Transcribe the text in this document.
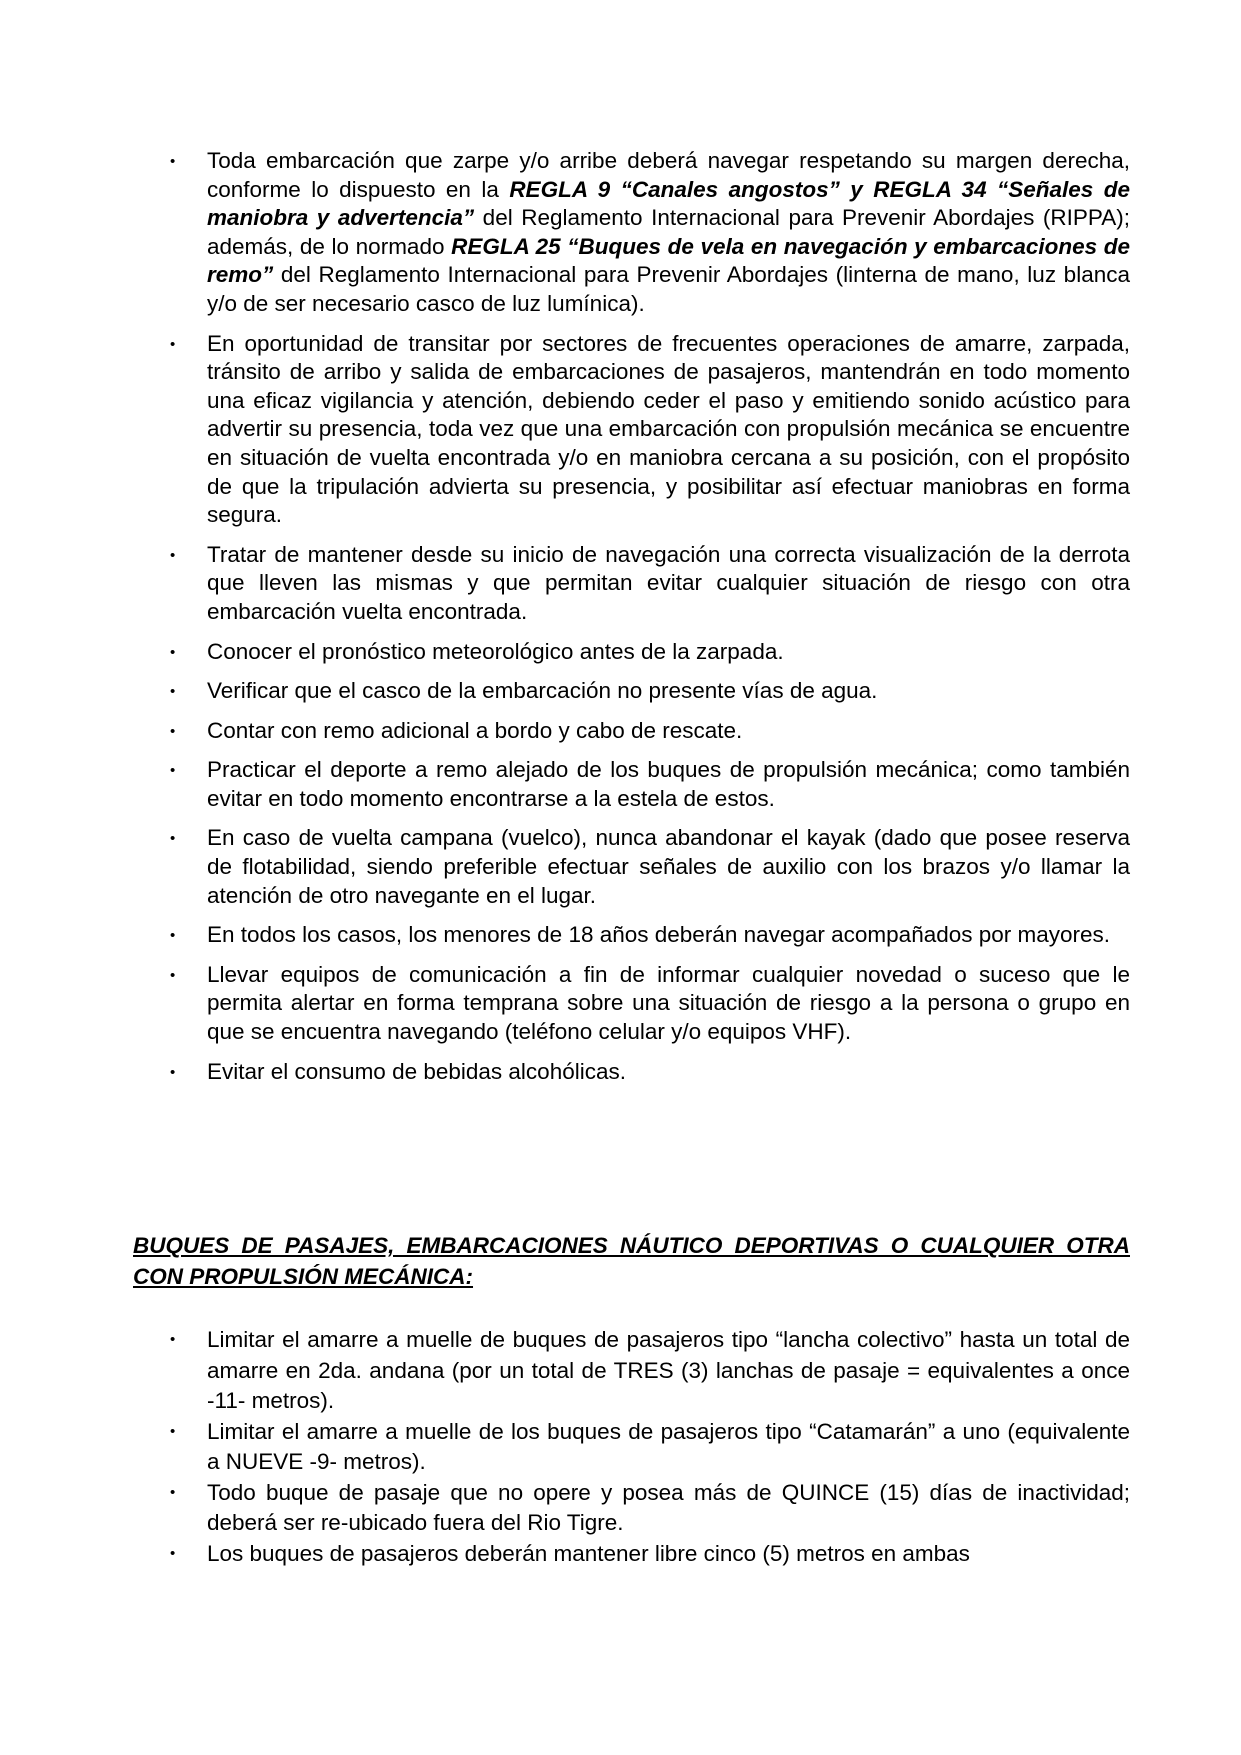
• Toda embarcación que zarpe y/o arribe deberá navegar respetando su margen derecha, conforme lo dispuesto en la REGLA 9 “Canales angostos” y REGLA 34 “Señales de maniobra y advertencia” del Reglamento Internacional para Prevenir Abordajes (RIPPA); además, de lo normado REGLA 25 “Buques de vela en navegación y embarcaciones de remo” del Reglamento Internacional para Prevenir Abordajes (linterna de mano, luz blanca y/o de ser necesario casco de luz lumínica).
• En oportunidad de transitar por sectores de frecuentes operaciones de amarre, zarpada, tránsito de arribo y salida de embarcaciones de pasajeros, mantendrán en todo momento una eficaz vigilancia y atención, debiendo ceder el paso y emitiendo sonido acústico para advertir su presencia, toda vez que una embarcación con propulsión mecánica se encuentre en situación de vuelta encontrada y/o en maniobra cercana a su posición, con el propósito de que la tripulación advierta su presencia, y posibilitar así efectuar maniobras en forma segura.
• Tratar de mantener desde su inicio de navegación una correcta visualización de la derrota que lleven las mismas y que permitan evitar cualquier situación de riesgo con otra embarcación vuelta encontrada.
• Conocer el pronóstico meteorológico antes de la zarpada.
• Verificar que el casco de la embarcación no presente vías de agua.
• Contar con remo adicional a bordo y cabo de rescate.
• Practicar el deporte a remo alejado de los buques de propulsión mecánica; como también evitar en todo momento encontrarse a la estela de estos.
• En caso de vuelta campana (vuelco), nunca abandonar el kayak (dado que posee reserva de flotabilidad, siendo preferible efectuar señales de auxilio con los brazos y/o llamar la atención de otro navegante en el lugar.
• En todos los casos, los menores de 18 años deberán navegar acompañados por mayores.
• Llevar equipos de comunicación a fin de informar cualquier novedad o suceso que le permita alertar en forma temprana sobre una situación de riesgo a la persona o grupo en que se encuentra navegando (teléfono celular y/o equipos VHF).
• Evitar el consumo de bebidas alcohólicas.
BUQUES DE PASAJES, EMBARCACIONES NÁUTICO DEPORTIVAS O CUALQUIER OTRA CON PROPULSIÓN MECÁNICA:
• Limitar el amarre a muelle de buques de pasajeros tipo “lancha colectivo” hasta un total de amarre en 2da. andana (por un total de TRES (3) lanchas de pasaje = equivalentes a once -11- metros).
• Limitar el amarre a muelle de los buques de pasajeros tipo “Catamarán” a uno (equivalente a NUEVE -9- metros).
• Todo buque de pasaje que no opere y posea más de QUINCE (15) días de inactividad; deberá ser re-ubicado fuera del Rio Tigre.
• Los buques de pasajeros deberán mantener libre cinco (5) metros en ambas
